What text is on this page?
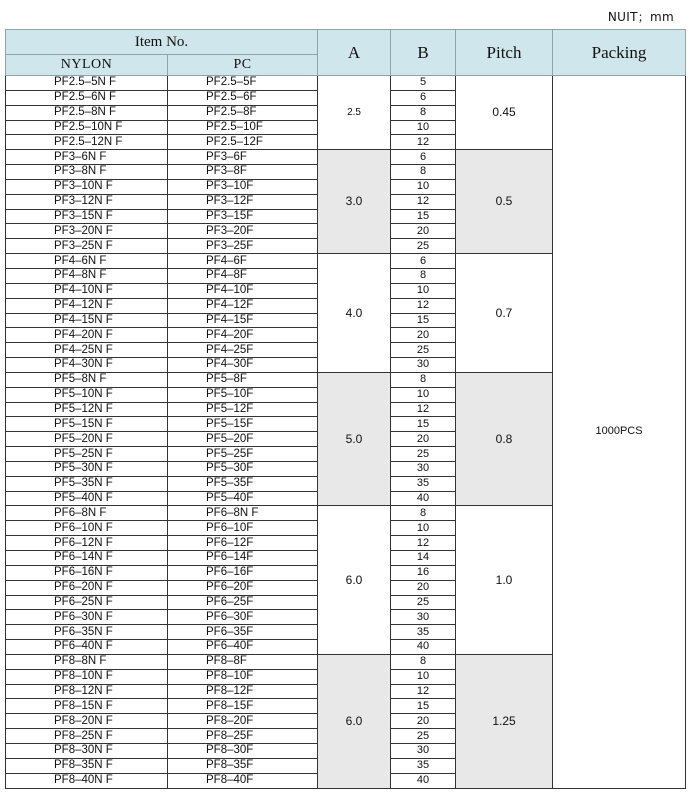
NUIT；mm
Item No.		A	B	Pitch	Packing
NYLON	PC				
PF2.5–5N F	PF2.5–5F	2.5	5	0.45	1000PCS
PF2.5–6N F	PF2.5–6F		6		
PF2.5–8N F	PF2.5–8F		8		
PF2.5–10N F	PF2.5–10F		10		
PF2.5–12N F	PF2.5–12F		12		
PF3–6N F	PF3–6F	3.0	6	0.5	
PF3–8N F	PF3–8F		8		
PF3–10N F	PF3–10F		10		
PF3–12N F	PF3–12F		12		
PF3–15N F	PF3–15F		15		
PF3–20N F	PF3–20F		20		
PF3–25N F	PF3–25F		25		
PF4–6N F	PF4–6F	4.0	6	0.7	
PF4–8N F	PF4–8F		8		
PF4–10N F	PF4–10F		10		
PF4–12N F	PF4–12F		12		
PF4–15N F	PF4–15F		15		
PF4–20N F	PF4–20F		20		
PF4–25N F	PF4–25F		25		
PF4–30N F	PF4–30F		30		
PF5–8N F	PF5–8F	5.0	8	0.8	
PF5–10N F	PF5–10F		10		
PF5–12N F	PF5–12F		12		
PF5–15N F	PF5–15F		15		
PF5–20N F	PF5–20F		20		
PF5–25N F	PF5–25F		25		
PF5–30N F	PF5–30F		30		
PF5–35N F	PF5–35F		35		
PF5–40N F	PF5–40F		40		
PF6–8N F	PF6–8N F	6.0	8	1.0	
PF6–10N F	PF6–10F		10		
PF6–12N F	PF6–12F		12		
PF6–14N F	PF6–14F		14		
PF6–16N F	PF6–16F		16		
PF6–20N F	PF6–20F		20		
PF6–25N F	PF6–25F		25		
PF6–30N F	PF6–30F		30		
PF6–35N F	PF6–35F		35		
PF6–40N F	PF6–40F		40		
PF8–8N F	PF8–8F	6.0	8	1.25	
PF8–10N F	PF8–10F		10		
PF8–12N F	PF8–12F		12		
PF8–15N F	PF8–15F		15		
PF8–20N F	PF8–20F		20		
PF8–25N F	PF8–25F		25		
PF8–30N F	PF8–30F		30		
PF8–35N F	PF8–35F		35		
PF8–40N F	PF8–40F		40		
